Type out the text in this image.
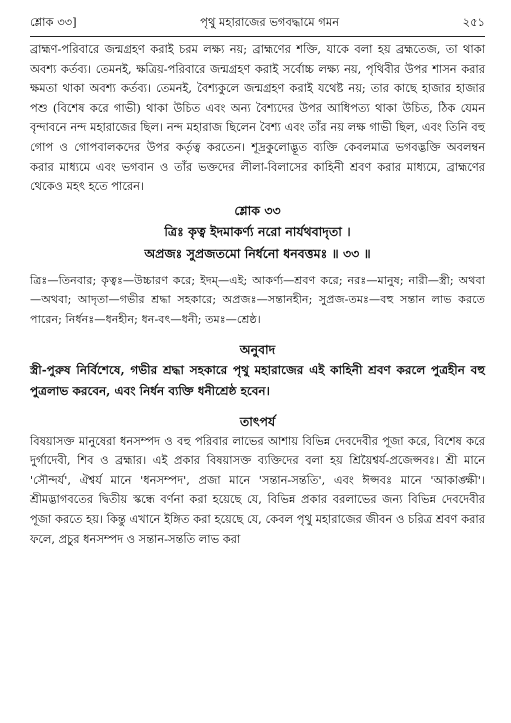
শ্লোক ৩৩]	পৃথু মহারাজের ভগবদ্ধামে গমন	২৫১

ব্রাহ্মণ-পরিবারে জন্মগ্রহণ করাই চরম লক্ষ্য নয়; ব্রাহ্মণের শক্তি, যাকে বলা হয় ব্রহ্মতেজ, তা থাকা অবশ্য কর্তব্য। তেমনই, ক্ষত্রিয়-পরিবারে জন্মগ্রহণ করাই সর্বোচ্চ লক্ষ্য নয়, পৃথিবীর উপর শাসন করার ক্ষমতা থাকা অবশ্য কর্তব্য। তেমনই, বৈশ্যকুলে জন্মগ্রহণ করাই যথেষ্ট নয়; তার কাছে হাজার হাজার পশু (বিশেষ করে গাভী) থাকা উচিত এবং অন্য বৈশ্যদের উপর আধিপত্য থাকা উচিত, ঠিক যেমন বৃন্দাবনে নন্দ মহারাজের ছিল। নন্দ মহারাজ ছিলেন বৈশ্য এবং তাঁর নয় লক্ষ গাভী ছিল, এবং তিনি বহু গোপ ও গোপবালকদের উপর কর্তৃত্ব করতেন। শূদ্রকুলোদ্ভূত ব্যক্তি কেবলমাত্র ভগবদ্ভক্তি অবলম্বন করার মাধ্যমে এবং ভগবান ও তাঁর ভক্তদের লীলা-বিলাসের কাহিনী শ্রবণ করার মাধ্যমে, ব্রাহ্মণের থেকেও মহৎ হতে পারেন।

শ্লোক ৩৩
ত্রিঃ কৃত্ব ইদমাকর্ণ্য নরো নার্যথবাদৃতা ।
অপ্রজঃ সুপ্রজতমো নির্ধনো ধনবত্তমঃ ॥ ৩৩ ॥

ত্রিঃ—তিনবার; কৃত্বঃ—উচ্চারণ করে; ইদম্—এই; আকর্ণ্য—শ্রবণ করে; নরঃ—মানুষ; নারী—স্ত্রী; অথবা—অথবা; আদৃতা—গভীর শ্রদ্ধা সহকারে; অপ্রজঃ—সন্তানহীন; সুপ্রজ-তমঃ—বহু সন্তান লাভ করতে পারেন; নির্ধনঃ—ধনহীন; ধন-বৎ—ধনী; তমঃ—শ্রেষ্ঠ।

অনুবাদ

স্ত্রী-পুরুষ নির্বিশেষে, গভীর শ্রদ্ধা সহকারে পৃথু মহারাজের এই কাহিনী শ্রবণ করলে পুত্রহীন বহু পুত্রলাভ করবেন, এবং নির্ধন ব্যক্তি ধনীশ্রেষ্ঠ হবেন।

তাৎপর্য

বিষয়াসক্ত মানুষেরা ধনসম্পদ ও বহু পরিবার লাভের আশায় বিভিন্ন দেবদেবীর পূজা করে, বিশেষ করে দুর্গাদেবী, শিব ও ব্রহ্মার। এই প্রকার বিষয়াসক্ত ব্যক্তিদের বলা হয় শ্রিয়ৈশ্বর্য-প্রজেপ্সবঃ। শ্রী মানে 'সৌন্দর্য', ঐশ্বর্য মানে 'ধনসম্পদ', প্রজা মানে 'সন্তান-সন্ততি', এবং ঈপ্সবঃ মানে 'আকাঙ্ক্ষী'। শ্রীমদ্ভাগবতের দ্বিতীয় স্কন্ধে বর্ণনা করা হয়েছে যে, বিভিন্ন প্রকার বরলাভের জন্য বিভিন্ন দেবদেবীর পূজা করতে হয়। কিন্তু এখানে ইঙ্গিত করা হয়েছে যে, কেবল পৃথু মহারাজের জীবন ও চরিত্র শ্রবণ করার ফলে, প্রচুর ধনসম্পদ ও সন্তান-সন্ততি লাভ করা
